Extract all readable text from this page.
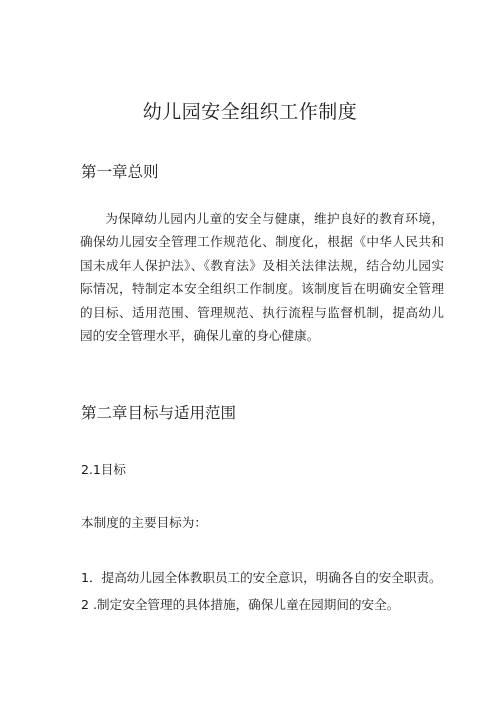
幼儿园安全组织工作制度
第一章总则
为保障幼儿园内儿童的安全与健康，维护良好的教育环境，确保幼儿园安全管理工作规范化、制度化，根据《中华人民共和国未成年人保护法》、《教育法》及相关法律法规，结合幼儿园实际情况，特制定本安全组织工作制度。该制度旨在明确安全管理的目标、适用范围、管理规范、执行流程与监督机制，提高幼儿园的安全管理水平，确保儿童的身心健康。
第二章目标与适用范围
2.1目标
本制度的主要目标为：
1．提高幼儿园全体教职员工的安全意识，明确各自的安全职责。
2 .制定安全管理的具体措施，确保儿童在园期间的安全。
